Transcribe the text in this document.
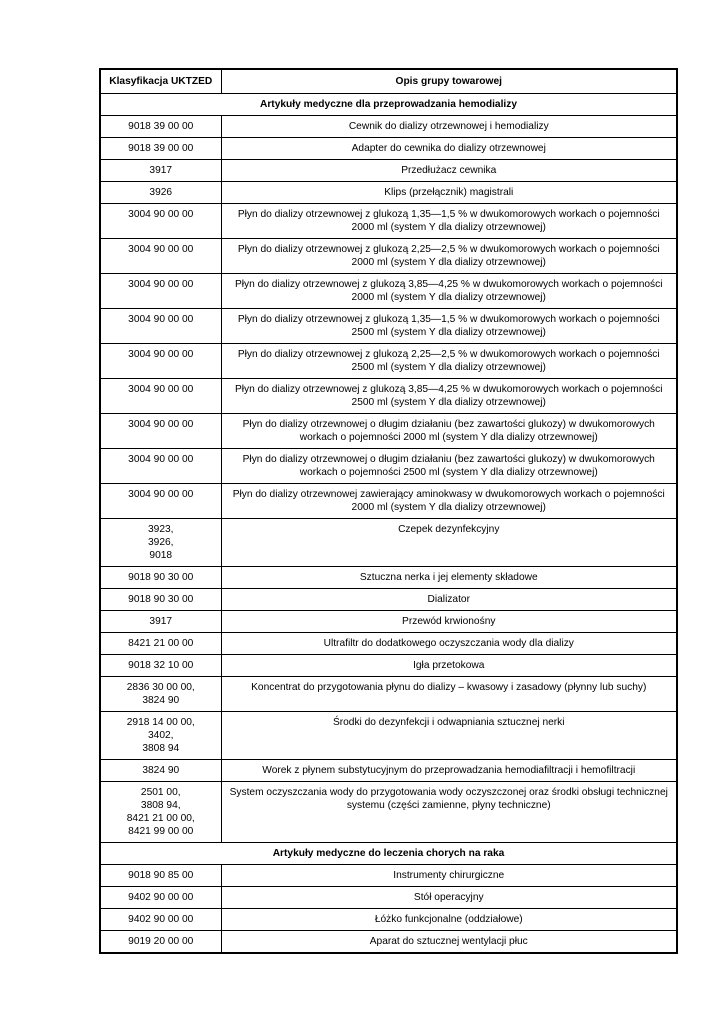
Klasyfikacja UKTZED	Opis grupy towarowej
Artykuły medyczne dla przeprowadzania hemodializy	
9018 39 00 00	Cewnik do dializy otrzewnowej i hemodializy
9018 39 00 00	Adapter do cewnika do dializy otrzewnowej
3917	Przedłużacz cewnika
3926	Klips (przełącznik) magistrali
3004 90 00 00	Płyn do dializy otrzewnowej z glukozą 1,35—1,5 % w dwukomorowych workach o pojemności 2000 ml (system Y dla dializy otrzewnowej)
3004 90 00 00	Płyn do dializy otrzewnowej z glukozą 2,25—2,5 % w dwukomorowych workach o pojemności 2000 ml (system Y dla dializy otrzewnowej)
3004 90 00 00	Płyn do dializy otrzewnowej z glukozą 3,85—4,25 % w dwukomorowych workach o pojemności 2000 ml (system Y dla dializy otrzewnowej)
3004 90 00 00	Płyn do dializy otrzewnowej z glukozą 1,35—1,5 % w dwukomorowych workach o pojemności 2500 ml (system Y dla dializy otrzewnowej)
3004 90 00 00	Płyn do dializy otrzewnowej z glukozą 2,25—2,5 % w dwukomorowych workach o pojemności 2500 ml (system Y dla dializy otrzewnowej)
3004 90 00 00	Płyn do dializy otrzewnowej z glukozą 3,85—4,25 % w dwukomorowych workach o pojemności 2500 ml (system Y dla dializy otrzewnowej)
3004 90 00 00	Płyn do dializy otrzewnowej o długim działaniu (bez zawartości glukozy) w dwukomorowych workach o pojemności 2000 ml (system Y dla dializy otrzewnowej)
3004 90 00 00	Płyn do dializy otrzewnowej o długim działaniu (bez zawartości glukozy) w dwukomorowych workach o pojemności 2500 ml (system Y dla dializy otrzewnowej)
3004 90 00 00	Płyn do dializy otrzewnowej zawierający aminokwasy w dwukomorowych workach o pojemności 2000 ml (system Y dla dializy otrzewnowej)
3923,
3926,
9018	Czepek dezynfekcyjny
9018 90 30 00	Sztuczna nerka i jej elementy składowe
9018 90 30 00	Dializator
3917	Przewód krwionośny
8421 21 00 00	Ultrafiltr do dodatkowego oczyszczania wody dla dializy
9018 32 10 00	Igła przetokowa
2836 30 00 00,
3824 90	Koncentrat do przygotowania płynu do dializy – kwasowy i zasadowy (płynny lub suchy)
2918 14 00 00,
3402,
3808 94	Środki do dezynfekcji i odwapniania sztucznej nerki
3824 90	Worek z płynem substytucyjnym do przeprowadzania hemodiafiltracji i hemofiltracji
2501 00,
3808 94,
8421 21 00 00,
8421 99 00 00	System oczyszczania wody do przygotowania wody oczyszczonej oraz środki obsługi technicznej systemu (części zamienne, płyny techniczne)
Artykuły medyczne do leczenia chorych na raka	
9018 90 85 00	Instrumenty chirurgiczne
9402 90 00 00	Stół operacyjny
9402 90 00 00	Łóżko funkcjonalne (oddziałowe)
9019 20 00 00	Aparat do sztucznej wentylacji płuc
